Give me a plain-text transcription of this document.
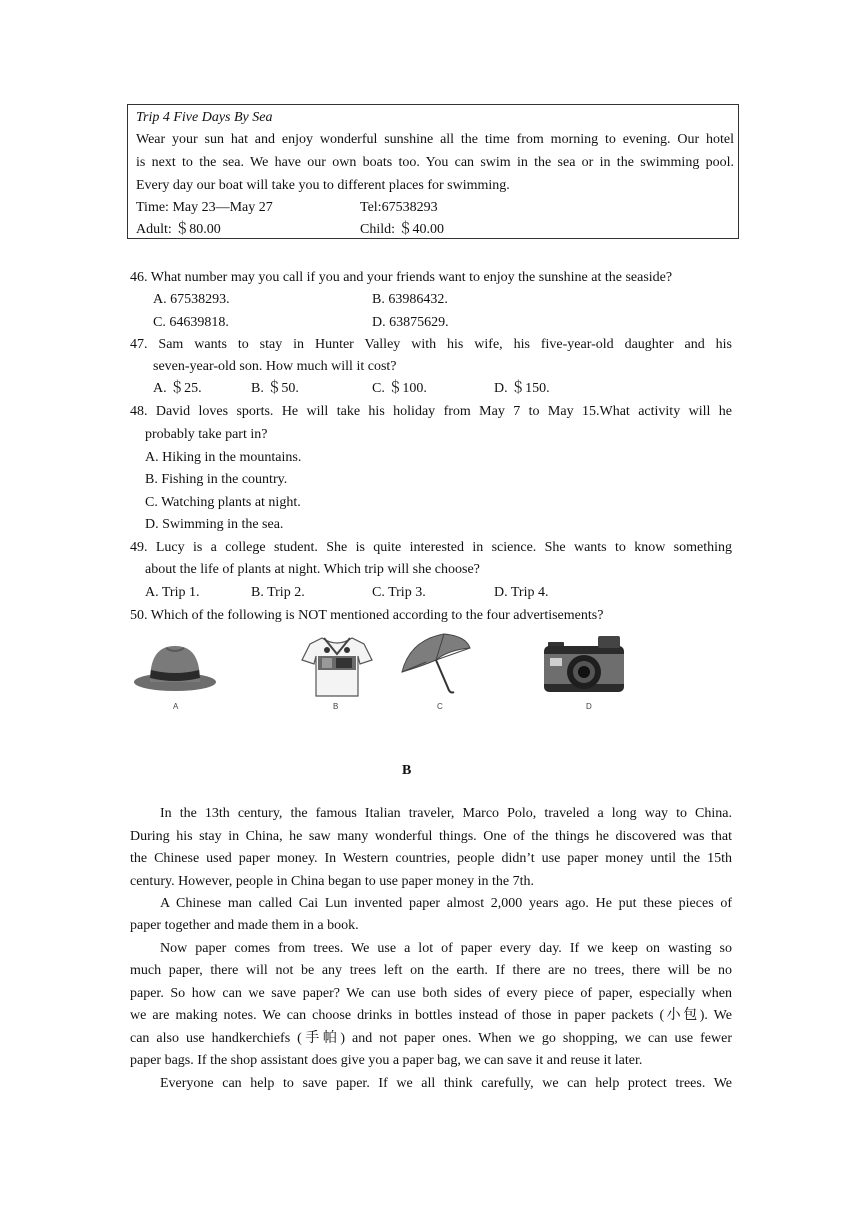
Trip 4 Five Days By Sea
Wear your sun hat and enjoy wonderful sunshine all the time from morning to evening. Our hotel
is next to the sea. We have our own boats too. You can swim in the sea or in the swimming pool.
Every day our boat will take you to different places for swimming.
Time: May 23—May 27	Tel:67538293
Adult: ＄80.00	Child: ＄40.00
46. What number may you call if you and your friends want to enjoy the sunshine at the seaside?
A. 67538293.	B. 63986432.
C. 64639818.	D. 63875629.
47. Sam wants to stay in Hunter Valley with his wife, his five-year-old daughter and his
seven-year-old son. How much will it cost?
A. ＄25.	B. ＄50.	C. ＄100.	D. ＄150.
48. David loves sports. He will take his holiday from May 7 to May 15.What activity will he
probably take part in?
A. Hiking in the mountains.
B. Fishing in the country.
C. Watching plants at night.
D. Swimming in the sea.
49. Lucy is a college student. She is quite interested in science. She wants to know something
about the life of plants at night. Which trip will she choose?
A. Trip 1.	B. Trip 2.	C. Trip 3.	D. Trip 4.
50. Which of the following is NOT mentioned according to the four advertisements?
A	B	C	D
B
In the 13th century, the famous Italian traveler, Marco Polo, traveled a long way to China.
During his stay in China, he saw many wonderful things. One of the things he discovered was that
the Chinese used paper money. In Western countries, people didn’t use paper money until the 15th
century. However, people in China began to use paper money in the 7th.
A Chinese man called Cai Lun invented paper almost 2,000 years ago. He put these pieces of
paper together and made them in a book.
Now paper comes from trees. We use a lot of paper every day. If we keep on wasting so
much paper, there will not be any trees left on the earth. If there are no trees, there will be no
paper. So how can we save paper? We can use both sides of every piece of paper, especially when
we are making notes. We can choose drinks in bottles instead of those in paper packets (小包). We
can also use handkerchiefs (手帕) and not paper ones. When we go shopping, we can use fewer
paper bags. If the shop assistant does give you a paper bag, we can save it and reuse it later.
Everyone can help to save paper. If we all think carefully, we can help protect trees. We
